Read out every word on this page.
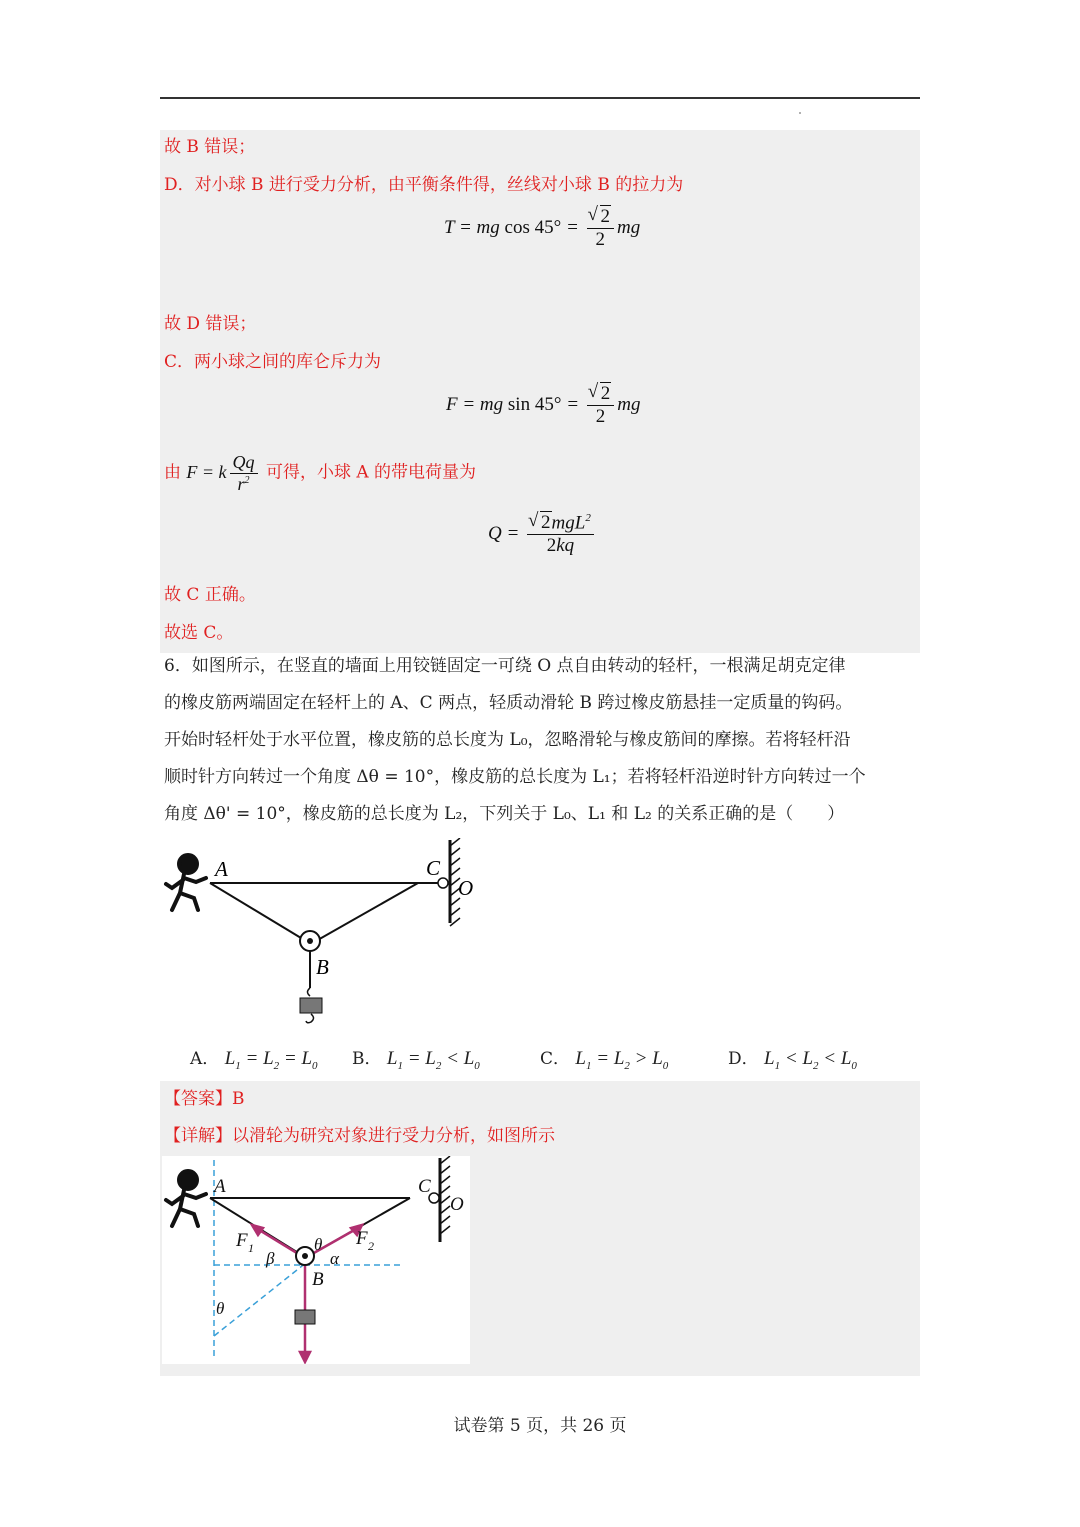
故 B 错误；
D．对小球 B 进行受力分析，由平衡条件得，丝线对小球 B 的拉力为
T = mg cos 45° = √ $\frac{2}{2}$ mg
故 D 错误；
C．两小球之间的库仑斥力为
F = mg sin 45° = √ $\frac{2}{2}$ mg
由 F = k $\frac{Qq}{r^2}$ 可得，小球 A 的带电荷量为
Q = √ $\frac{2mgL^2}{2kq}$
故 C 正确。
故选 C。
6．如图所示，在竖直的墙面上用铰链固定一可绕 O 点自由转动的轻杆，一根满足胡克定律
的橡皮筋两端固定在轻杆上的 A、C 两点，轻质动滑轮 B 跨过橡皮筋悬挂一定质量的钩码。
开始时轻杆处于水平位置，橡皮筋的总长度为 L₀，忽略滑轮与橡皮筋间的摩擦。若将轻杆沿
顺时针方向转过一个角度 Δθ = 10°，橡皮筋的总长度为 L₁；若将轻杆沿逆时针方向转过一个
角度 Δθ' = 10°，橡皮筋的总长度为 L₂，下列关于 L₀、L₁ 和 L₂ 的关系正确的是（　　）
A	C
O
B
A． $L_1 = L_2 = L_0$ B． $L_1 = L_2 < L_0$	C． $L_1 = L_2 > L_0$	D． $L_1 < L_2 < L_0$
【答案】B
【详解】以滑轮为研究对象进行受力分析，如图所示
A	C
O
B
F 1	F 2
θ
α
β
θ
试卷第 5 页，共 26 页
